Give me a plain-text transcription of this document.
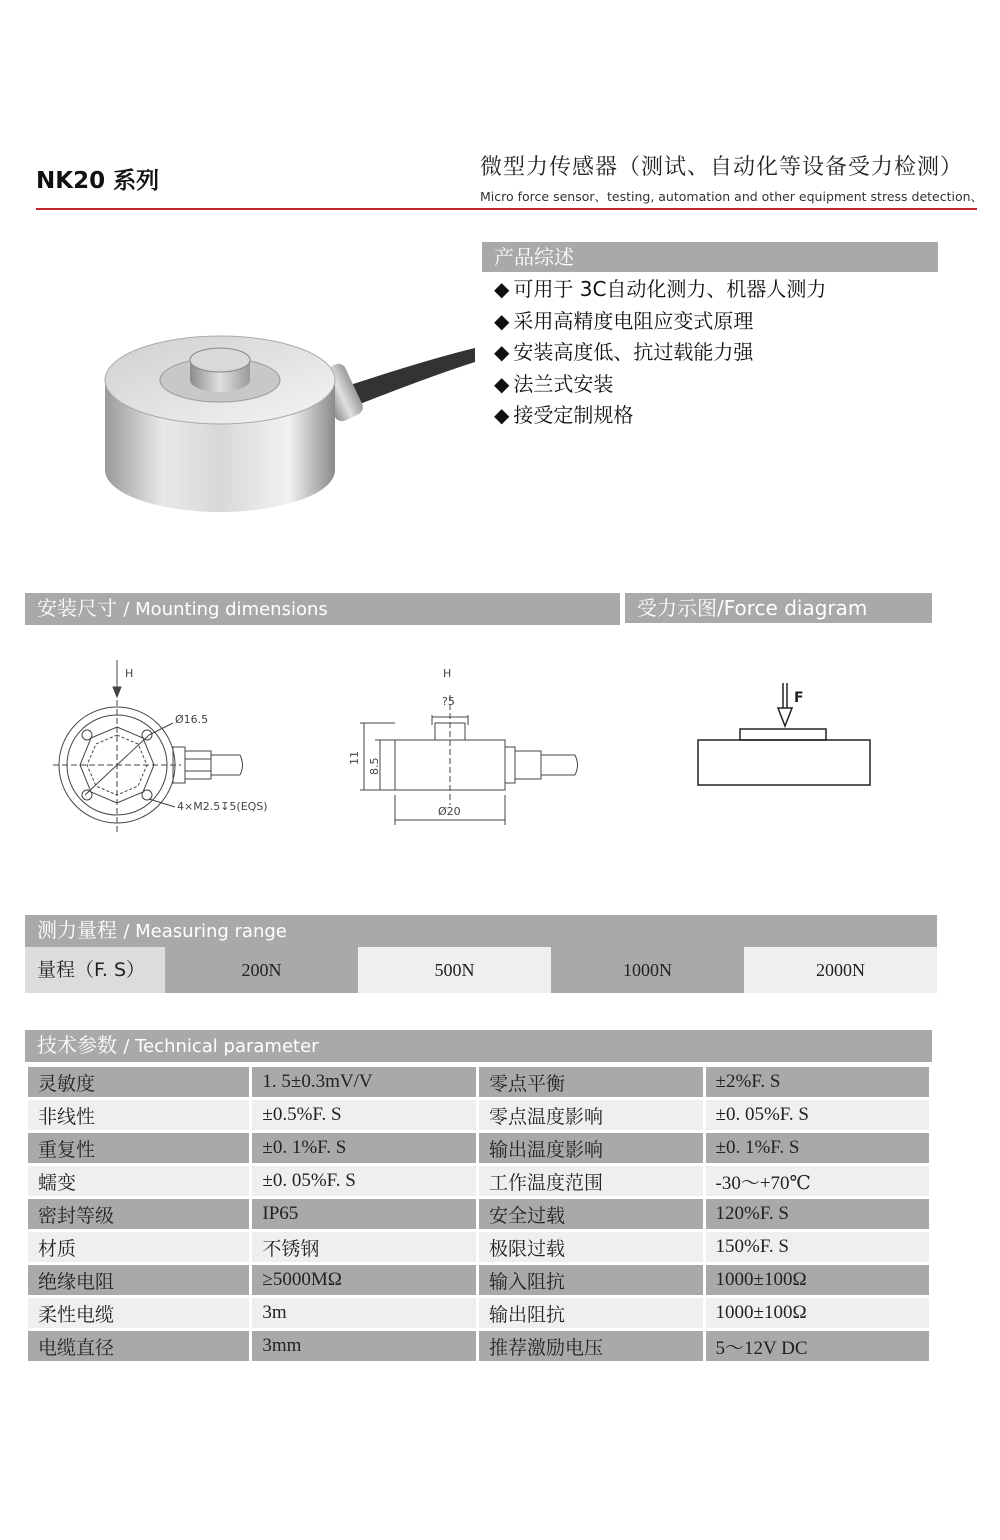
NK20 系列
微型力传感器（测试、自动化等设备受力检测）
Micro force sensor、testing, automation and other equipment stress detection、
产品综述
◆ 可用于 3C自动化测力、机器人测力
◆ 采用高精度电阻应变式原理
◆ 安装高度低、抗过载能力强
◆ 法兰式安装
◆ 接受定制规格
安装尺寸 / Mounting dimensions	受力示图/Force diagram
H
Ø16.5
4×M2.5↧5(EQS)
H
?5
11 8.5
Ø20
F
测力量程 / Measuring range
量程（F. S）	200N	500N	1000N	2000N
技术参数 / Technical parameter
灵敏度	1. 5±0.3mV/V	零点平衡	±2%F. S
非线性	±0.5%F. S	零点温度影响	±0. 05%F. S
重复性	±0. 1%F. S	输出温度影响	±0. 1%F. S
蠕变	±0. 05%F. S	工作温度范围	-30～+70℃
密封等级	IP65	安全过载	120%F. S
材质	不锈钢	极限过载	150%F. S
绝缘电阻	≥5000MΩ	输入阻抗	1000±100Ω
柔性电缆	3m	输出阻抗	1000±100Ω
电缆直径	3mm	推荐激励电压	5～12V DC
